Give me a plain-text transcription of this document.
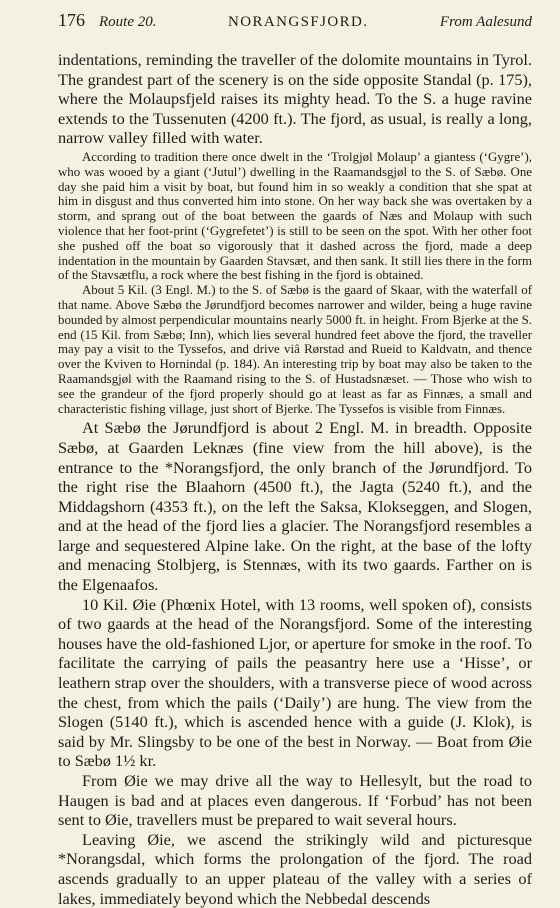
176 Route 20.	NORANGSFJORD.	From Aalesund

indentations, reminding the traveller of the dolomite mountains in Tyrol. The grandest part of the scenery is on the side opposite Standal (p. 175), where the Molaupsfjeld raises its mighty head. To the S. a huge ravine extends to the Tussenuten (4200 ft.). The fjord, as usual, is really a long, narrow valley filled with water.

According to tradition there once dwelt in the ‘Trolgjøl Molaup’ a giantess (‘Gygre’), who was wooed by a giant (‘Jutul’) dwelling in the Raamandsgjøl to the S. of Sæbø. One day she paid him a visit by boat, but found him in so weakly a condition that she spat at him in disgust and thus converted him into stone. On her way back she was overtaken by a storm, and sprang out of the boat between the gaards of Næs and Molaup with such violence that her foot-print (‘Gygrefetet’) is still to be seen on the spot. With her other foot she pushed off the boat so vigorously that it dashed across the fjord, made a deep indentation in the mountain by Gaarden Stavsæt, and then sank. It still lies there in the form of the Stavsætflu, a rock where the best fishing in the fjord is obtained.

About 5 Kil. (3 Engl. M.) to the S. of Sæbø is the gaard of Skaar, with the waterfall of that name. Above Sæbø the Jørundfjord becomes narrower and wilder, being a huge ravine bounded by almost perpendicular mountains nearly 5000 ft. in height. From Bjerke at the S. end (15 Kil. from Sæbø; Inn), which lies several hundred feet above the fjord, the traveller may pay a visit to the Tyssefos, and drive viâ Rørstad and Rueid to Kaldvatn, and thence over the Kviven to Hornindal (p. 184). An interesting trip by boat may also be taken to the Raamandsgjøl with the Raamand rising to the S. of Hustadsnæset. — Those who wish to see the grandeur of the fjord properly should go at least as far as Finnæs, a small and characteristic fishing village, just short of Bjerke. The Tyssefos is visible from Finnæs.

At Sæbø the Jørundfjord is about 2 Engl. M. in breadth. Opposite Sæbø, at Gaarden Leknæs (fine view from the hill above), is the entrance to the *Norangsfjord, the only branch of the Jørundfjord. To the right rise the Blaahorn (4500 ft.), the Jagta (5240 ft.), and the Middagshorn (4353 ft.), on the left the Saksa, Klokseggen, and Slogen, and at the head of the fjord lies a glacier. The Norangsfjord resembles a large and sequestered Alpine lake. On the right, at the base of the lofty and menacing Stolbjerg, is Stennæs, with its two gaards. Farther on is the Elgenaafos.

10 Kil. Øie (Phœnix Hotel, with 13 rooms, well spoken of), consists of two gaards at the head of the Norangsfjord. Some of the interesting houses have the old-fashioned Ljor, or aperture for smoke in the roof. To facilitate the carrying of pails the peasantry here use a ‘Hisse’, or leathern strap over the shoulders, with a transverse piece of wood across the chest, from which the pails (‘Daily’) are hung. The view from the Slogen (5140 ft.), which is ascended hence with a guide (J. Klok), is said by Mr. Slingsby to be one of the best in Norway. — Boat from Øie to Sæbø 1½ kr.

From Øie we may drive all the way to Hellesylt, but the road to Haugen is bad and at places even dangerous. If ‘Forbud’ has not been sent to Øie, travellers must be prepared to wait several hours.

Leaving Øie, we ascend the strikingly wild and picturesque *Norangsdal, which forms the prolongation of the fjord. The road ascends gradually to an upper plateau of the valley with a series of lakes, immediately beyond which the Nebbedal descends
